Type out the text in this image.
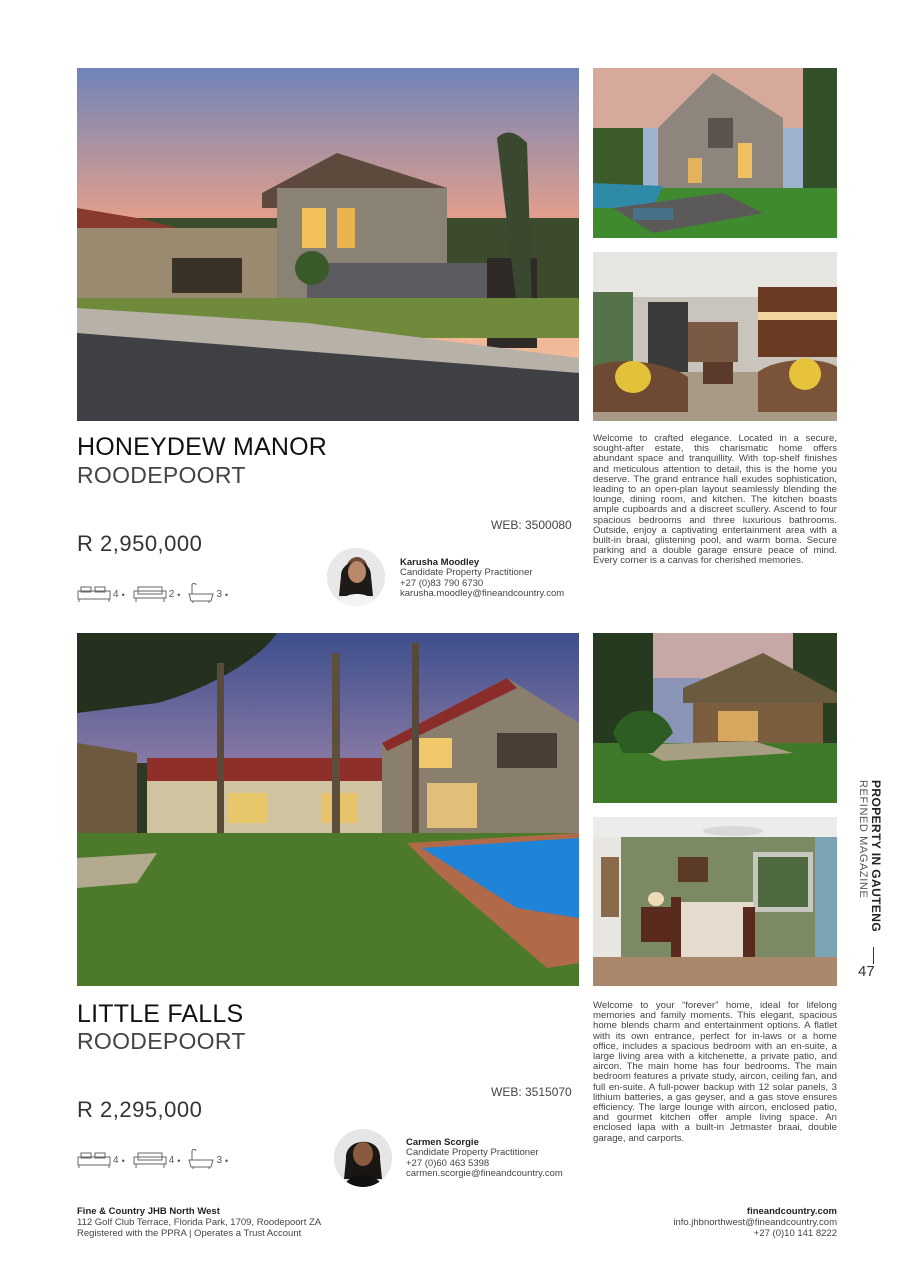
HONEYDEW MANOR
ROODEPOORT
WEB: 3500080
R 2,950,000
4 •	2 •	3 •
Karusha Moodley
Candidate Property Practitioner
+27 (0)83 790 6730
karusha.moodley@fineandcountry.com
Welcome to crafted elegance. Located in a secure, sought-after estate, this charismatic home offers abundant space and tranquillity. With top-shelf finishes and meticulous attention to detail, this is the home you deserve. The grand entrance hall exudes sophistication, leading to an open-plan layout seamlessly blending the lounge, dining room, and kitchen. The kitchen boasts ample cupboards and a discreet scullery. Ascend to four spacious bedrooms and three luxurious bathrooms. Outside, enjoy a captivating entertainment area with a built-in braai, glistening pool, and warm boma. Secure parking and a double garage ensure peace of mind. Every corner is a canvas for cherished memories.
LITTLE FALLS
ROODEPOORT
WEB: 3515070
R 2,295,000
4 •	4 •	3 •
Carmen Scorgie
Candidate Property Practitioner
+27 (0)60 463 5398
carmen.scorgie@fineandcountry.com
Welcome to your “forever” home, ideal for lifelong memories and family moments. This elegant, spacious home blends charm and entertainment options. A flatlet with its own entrance, perfect for in-laws or a home office, includes a spacious bedroom with an en-suite, a large living area with a kitchenette, a private patio, and aircon. The main home has four bedrooms. The main bedroom features a private study, aircon, ceiling fan, and full en-suite. A full-power backup with 12 solar panels, 3 lithium batteries, a gas geyser, and a gas stove ensures efficiency. The large lounge with aircon, enclosed patio, and gourmet kitchen offer ample living space. An enclosed lapa with a built-in Jetmaster braai, double garage, and carports.
PROPERTY IN GAUTENG
REFINED MAGAZINE
47
Fine & Country JHB North West
112 Golf Club Terrace, Florida Park, 1709, Roodepoort ZA
Registered with the PPRA | Operates a Trust Account
fineandcountry.com
info.jhbnorthwest@fineandcountry.com
+27 (0)10 141 8222
